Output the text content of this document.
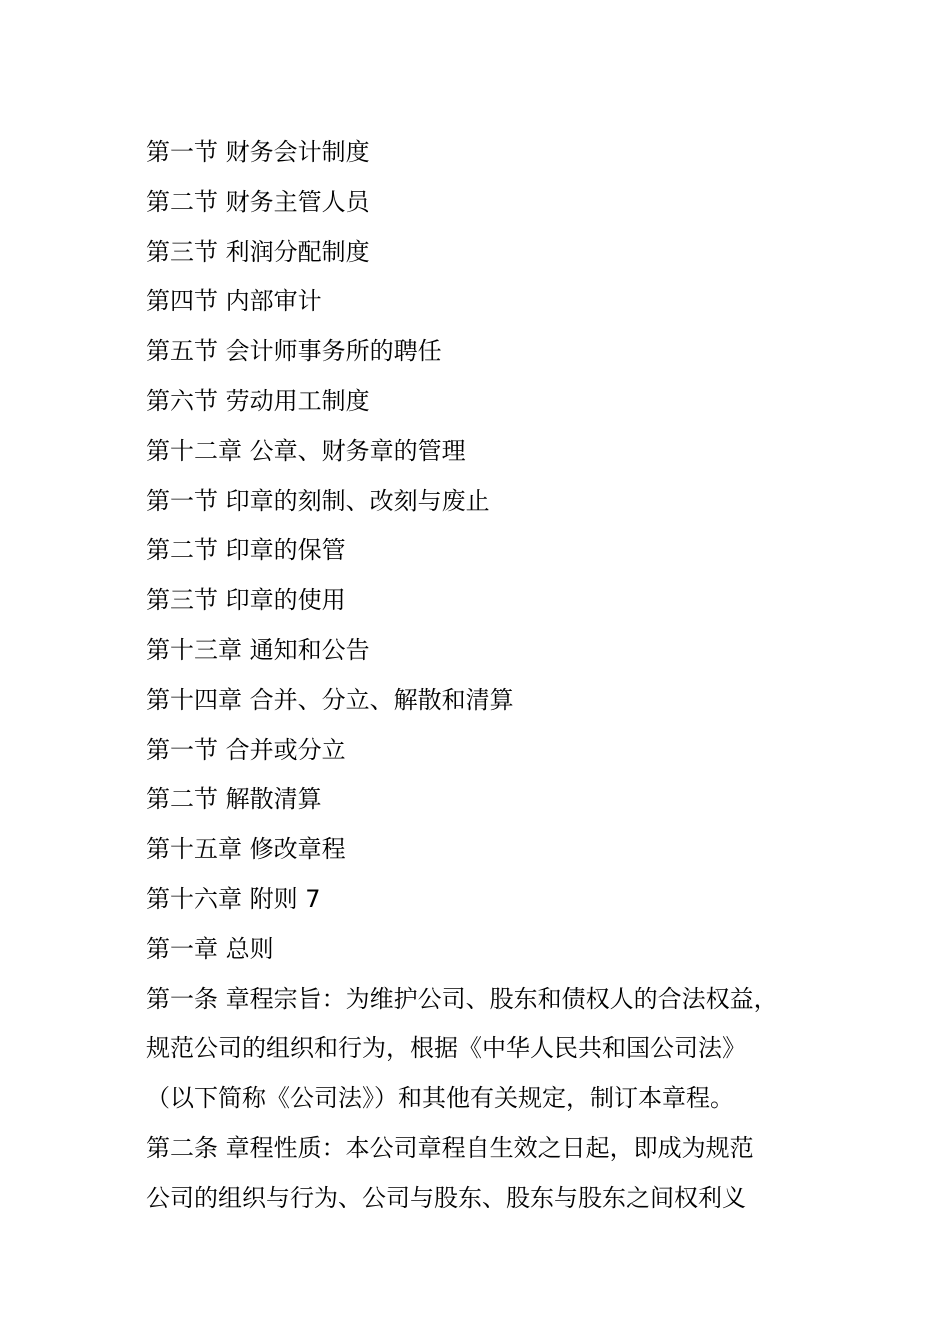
第一节 财务会计制度
第二节 财务主管人员
第三节 利润分配制度
第四节 内部审计
第五节 会计师事务所的聘任
第六节 劳动用工制度
第十二章 公章、财务章的管理
第一节 印章的刻制、改刻与废止
第二节 印章的保管
第三节 印章的使用
第十三章 通知和公告
第十四章 合并、分立、解散和清算
第一节 合并或分立
第二节 解散清算
第十五章 修改章程
第十六章 附则 7
第一章 总则
第一条 章程宗旨：为维护公司、股东和债权人的合法权益，
规范公司的组织和行为，根据《中华人民共和国公司法》
（以下简称《公司法》）和其他有关规定，制订本章程。
第二条 章程性质：本公司章程自生效之日起，即成为规范
公司的组织与行为、公司与股东、股东与股东之间权利义
